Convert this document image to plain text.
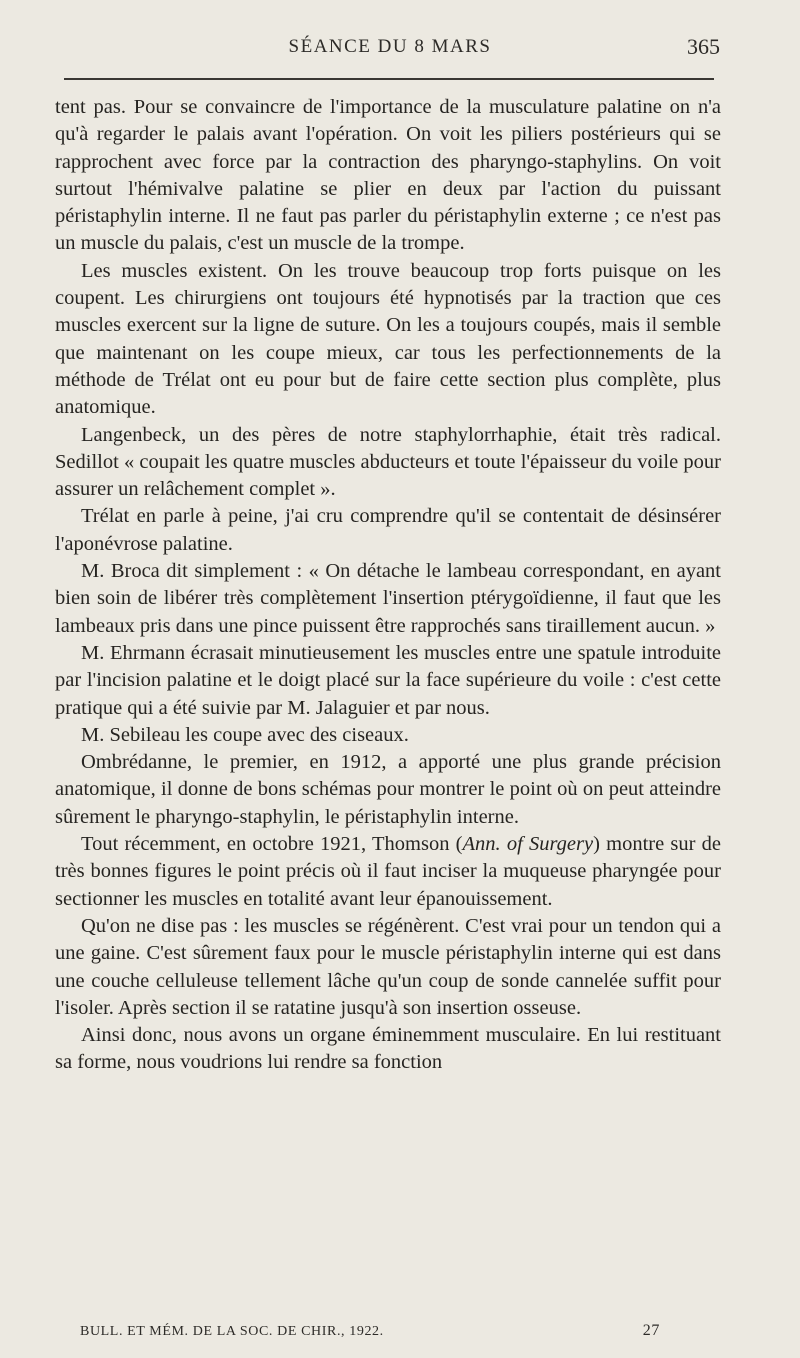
SÉANCE DU 8 MARS	365

tent pas. Pour se convaincre de l'importance de la musculature palatine on n'a qu'à regarder le palais avant l'opération. On voit les piliers postérieurs qui se rapprochent avec force par la contraction des pharyngo-staphylins. On voit surtout l'hémivalve palatine se plier en deux par l'action du puissant péristaphylin interne. Il ne faut pas parler du péristaphylin externe ; ce n'est pas un muscle du palais, c'est un muscle de la trompe.

Les muscles existent. On les trouve beaucoup trop forts puisque on les coupent. Les chirurgiens ont toujours été hypnotisés par la traction que ces muscles exercent sur la ligne de suture. On les a toujours coupés, mais il semble que maintenant on les coupe mieux, car tous les perfectionnements de la méthode de Trélat ont eu pour but de faire cette section plus complète, plus anatomique.

Langenbeck, un des pères de notre staphylorrhaphie, était très radical. Sedillot « coupait les quatre muscles abducteurs et toute l'épaisseur du voile pour assurer un relâchement complet ».

Trélat en parle à peine, j'ai cru comprendre qu'il se contentait de désinsérer l'aponévrose palatine.

M. Broca dit simplement : « On détache le lambeau correspondant, en ayant bien soin de libérer très complètement l'insertion ptérygoïdienne, il faut que les lambeaux pris dans une pince puissent être rapprochés sans tiraillement aucun. »

M. Ehrmann écrasait minutieusement les muscles entre une spatule introduite par l'incision palatine et le doigt placé sur la face supérieure du voile : c'est cette pratique qui a été suivie par M. Jalaguier et par nous.

M. Sebileau les coupe avec des ciseaux.

Ombrédanne, le premier, en 1912, a apporté une plus grande précision anatomique, il donne de bons schémas pour montrer le point où on peut atteindre sûrement le pharyngo-staphylin, le péristaphylin interne.

Tout récemment, en octobre 1921, Thomson (Ann. of Surgery) montre sur de très bonnes figures le point précis où il faut inciser la muqueuse pharyngée pour sectionner les muscles en totalité avant leur épanouissement.

Qu'on ne dise pas : les muscles se régénèrent. C'est vrai pour un tendon qui a une gaine. C'est sûrement faux pour le muscle péristaphylin interne qui est dans une couche celluleuse tellement lâche qu'un coup de sonde cannelée suffit pour l'isoler. Après section il se ratatine jusqu'à son insertion osseuse.

Ainsi donc, nous avons un organe éminemment musculaire. En lui restituant sa forme, nous voudrions lui rendre sa fonction

BULL. ET MÉM. DE LA SOC. DE CHIR., 1922.	27
